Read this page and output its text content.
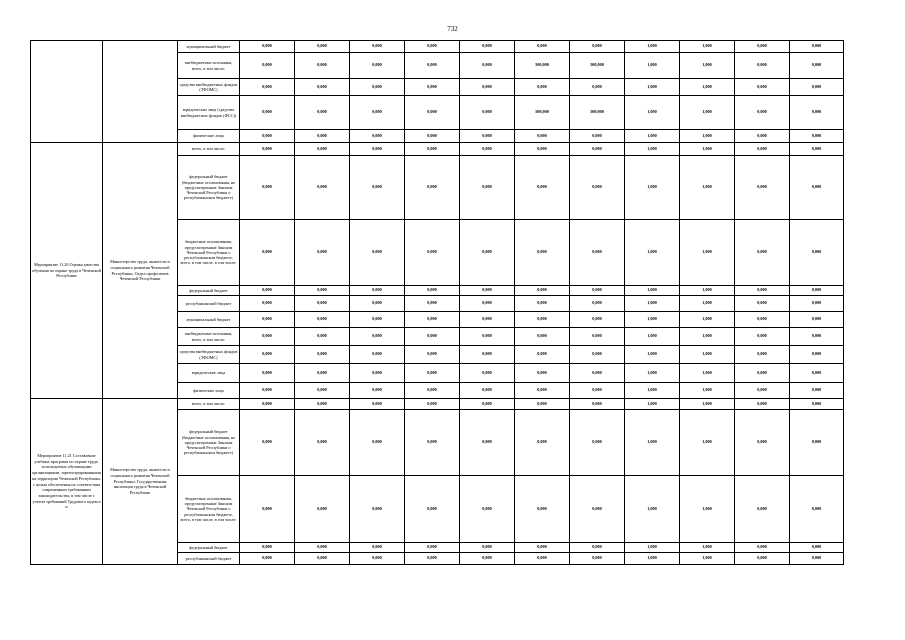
732
		муниципальный бюджет	0,000	0,000	0,000	0,000	0,000	0,000	0,000	1,000	1,000	0,000	0,000
		внебюджетные источники, всего, в том числе:	0,000	0,000	0,000	0,000	0,000	500,000	500,000	1,000	1,000	0,000	0,000
		средства внебюджетных фондов (ТФОМС)	0,000	0,000	0,000	0,000	0,000	0,000	0,000	1,000	1,000	0,000	0,000
		юридические лица (средства внебюджетных фондов (ФСС))	0,000	0,000	0,000	0,000	0,000	500,000	500,000	1,000	1,000	0,000	0,000
		физические лица	0,000	0,000	0,000	0,000	0,000	0,000	0,000	1,000	1,000	0,000	0,000
Мероприятие 11.20 Оценка качества обучения по охране труда в Чеченской Республике	Министерство труда, занятости и социального развития Чеченской Республики, Отдел профсоюзов Чеченской Республики	всего, в том числе:	0,000	0,000	0,000	0,000	0,000	0,000	0,000	1,000	1,000	0,000	0,000
		федеральный бюджет (бюджетные ассигнования, не предусмотренные Законом Чеченской Республики о республиканском бюджете)	0,000	0,000	0,000	0,000	0,000	0,000	0,000	1,000	1,000	0,000	0,000
		бюджетные ассигнования, предусмотренные Законом Чеченской Республики о республиканском бюджете, всего, в том числе, в том числе:	0,000	0,000	0,000	0,000	0,000	0,000	0,000	1,000	1,000	0,000	0,000
		федеральный бюджет	0,000	0,000	0,000	0,000	0,000	0,000	0,000	1,000	1,000	0,000	0,000
		республиканский бюджет	0,000	0,000	0,000	0,000	0,000	0,000	0,000	1,000	1,000	0,000	0,000
		муниципальный бюджет	0,000	0,000	0,000	0,000	0,000	0,000	0,000	1,000	1,000	0,000	0,000
		внебюджетные источники, всего, в том числе:	0,000	0,000	0,000	0,000	0,000	0,000	0,000	1,000	1,000	0,000	0,000
		средства внебюджетных фондов (ТФОМС)	0,000	0,000	0,000	0,000	0,000	0,000	0,000	1,000	1,000	0,000	0,000
		юридические лица	0,000	0,000	0,000	0,000	0,000	0,000	0,000	1,000	1,000	0,000	0,000
		физические лица	0,000	0,000	0,000	0,000	0,000	0,000	0,000	1,000	1,000	0,000	0,000
Мероприятие 11.21 Составление учебных программ по охране труда, используемых обучающими организациями, зарегистрированными на территории Чеченской Республики, с целью обеспечения их соответствия современным требованиям законодательства, в том числе с учетом требований Трудового кодекса и	Министерство труда, занятости и социального развития Чеченской Республики, Государственная инспекция труда в Чеченской Республике	всего, в том числе:	0,000	0,000	0,000	0,000	0,000	0,000	0,000	1,000	1,000	0,000	0,000
		федеральный бюджет (бюджетные ассигнования, не предусмотренные Законом Чеченской Республики о республиканском бюджете)	0,000	0,000	0,000	0,000	0,000	0,000	0,000	1,000	1,000	0,000	0,000
		бюджетные ассигнования, предусмотренные Законом Чеченской Республики о республиканском бюджете, всего, в том числе, в том числе:	0,000	0,000	0,000	0,000	0,000	0,000	0,000	1,000	1,000	0,000	0,000
		федеральный бюджет	0,000	0,000	0,000	0,000	0,000	0,000	0,000	1,000	1,000	0,000	0,000
		республиканский бюджет	0,000	0,000	0,000	0,000	0,000	0,000	0,000	1,000	1,000	0,000	0,000
